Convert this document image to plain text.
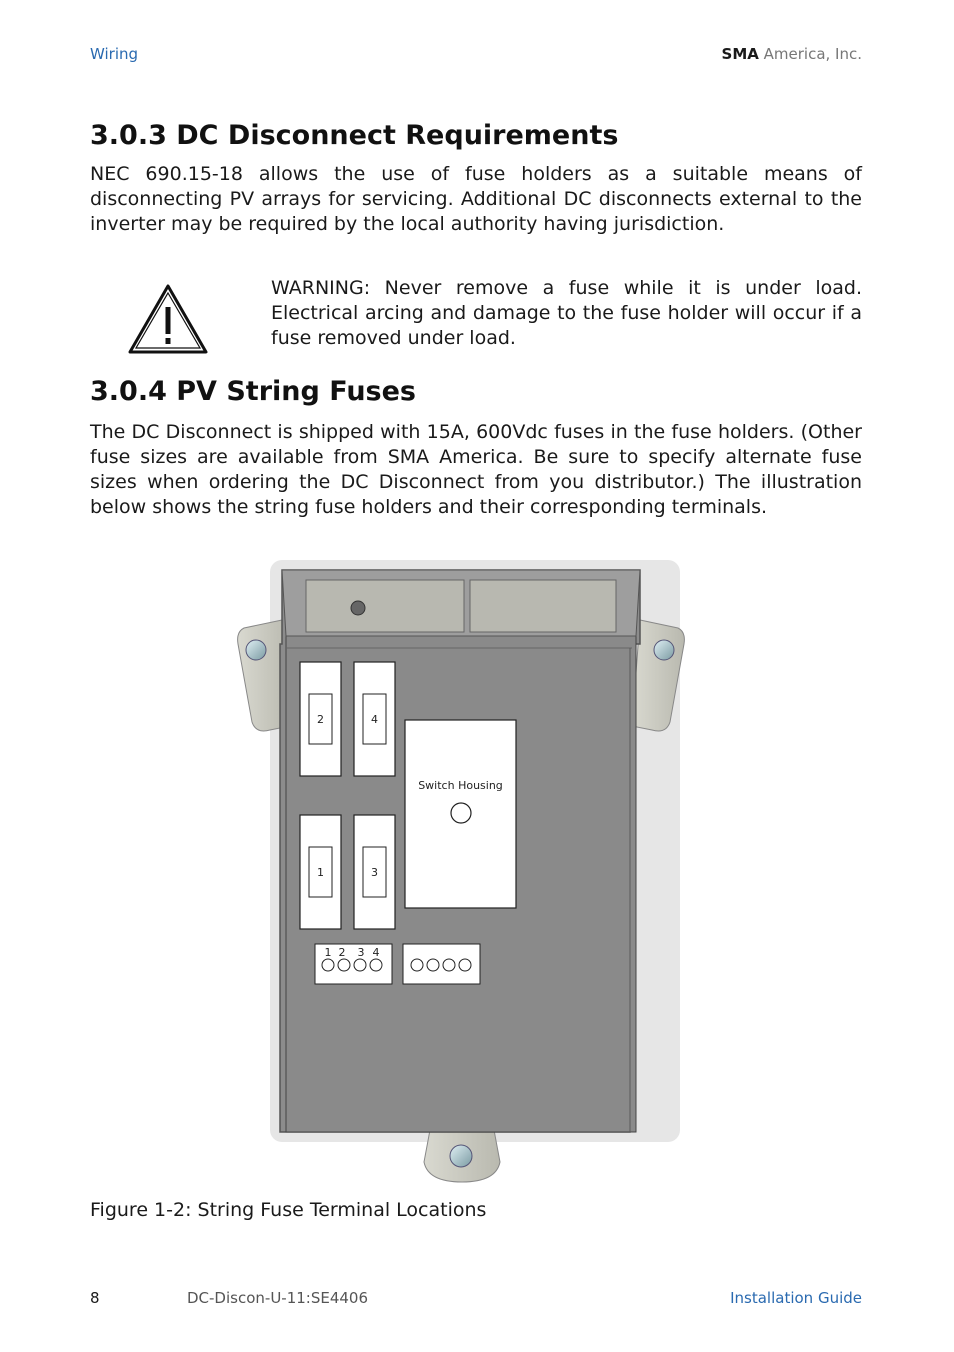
Wiring	SMA America, Inc.
3.0.3 DC Disconnect Requirements

NEC 690.15-18 allows the use of fuse holders as a suitable means of disconnecting PV arrays for servicing. Additional DC disconnects external to the inverter may be required by the local authority having jurisdiction.

WARNING: Never remove a fuse while it is under load. Electrical arcing and damage to the fuse holder will occur if a fuse removed under load.

3.0.4 PV String Fuses

The DC Disconnect is shipped with 15A, 600Vdc fuses in the fuse holders. (Other fuse sizes are available from SMA America. Be sure to specify alternate fuse sizes when ordering the DC Disconnect from you distributor.) The illustration below shows the string fuse holders and their corresponding terminals.

2	4
1	3
Switch Housing
1 2 3 4
Figure 1-2: String Fuse Terminal Locations
8	DC-Discon-U-11:SE4406	Installation Guide
